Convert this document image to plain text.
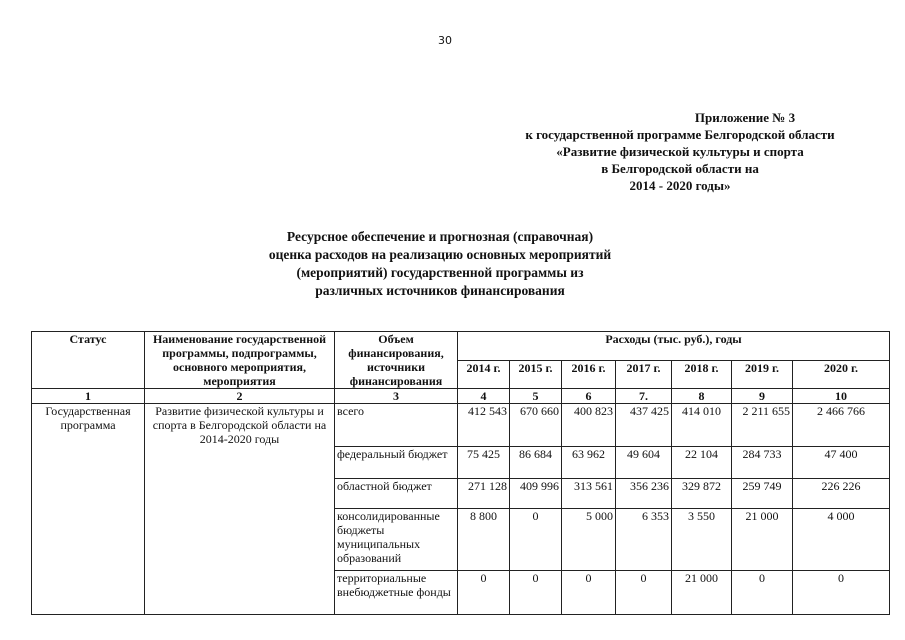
30
Приложение № 3
к государственной программе Белгородской области
«Развитие физической культуры и спорта
в Белгородской области на
2014 - 2020 годы»
Ресурсное обеспечение и прогнозная (справочная)
оценка расходов на реализацию основных мероприятий
(мероприятий) государственной программы из
различных источников финансирования
Статус	Наименование государственной программы, подпрограммы, основного мероприятия, мероприятия	Объем финансирования, источники финансирования	Расходы (тыс. руб.), годы						
			2014 г.	2015 г.	2016 г.	2017 г.	2018 г.	2019 г.	2020 г.
1	2	3	4	5	6	7.	8	9	10
Государственная программа	Развитие физической культуры и спорта в Белгородской области на 2014-2020 годы	всего	412 543	670 660	400 823	437 425	414 010	2 211 655	2 466 766
		федеральный бюджет	75 425	86 684	63 962	49 604	22 104	284 733	47 400
		областной бюджет	271 128	409 996	313 561	356 236	329 872	259 749	226 226
		консолидированные бюджеты муниципальных образований	8 800	0	5 000	6 353	3 550	21 000	4 000
		территориальные внебюджетные фонды	0	0	0	0	21 000	0	0
